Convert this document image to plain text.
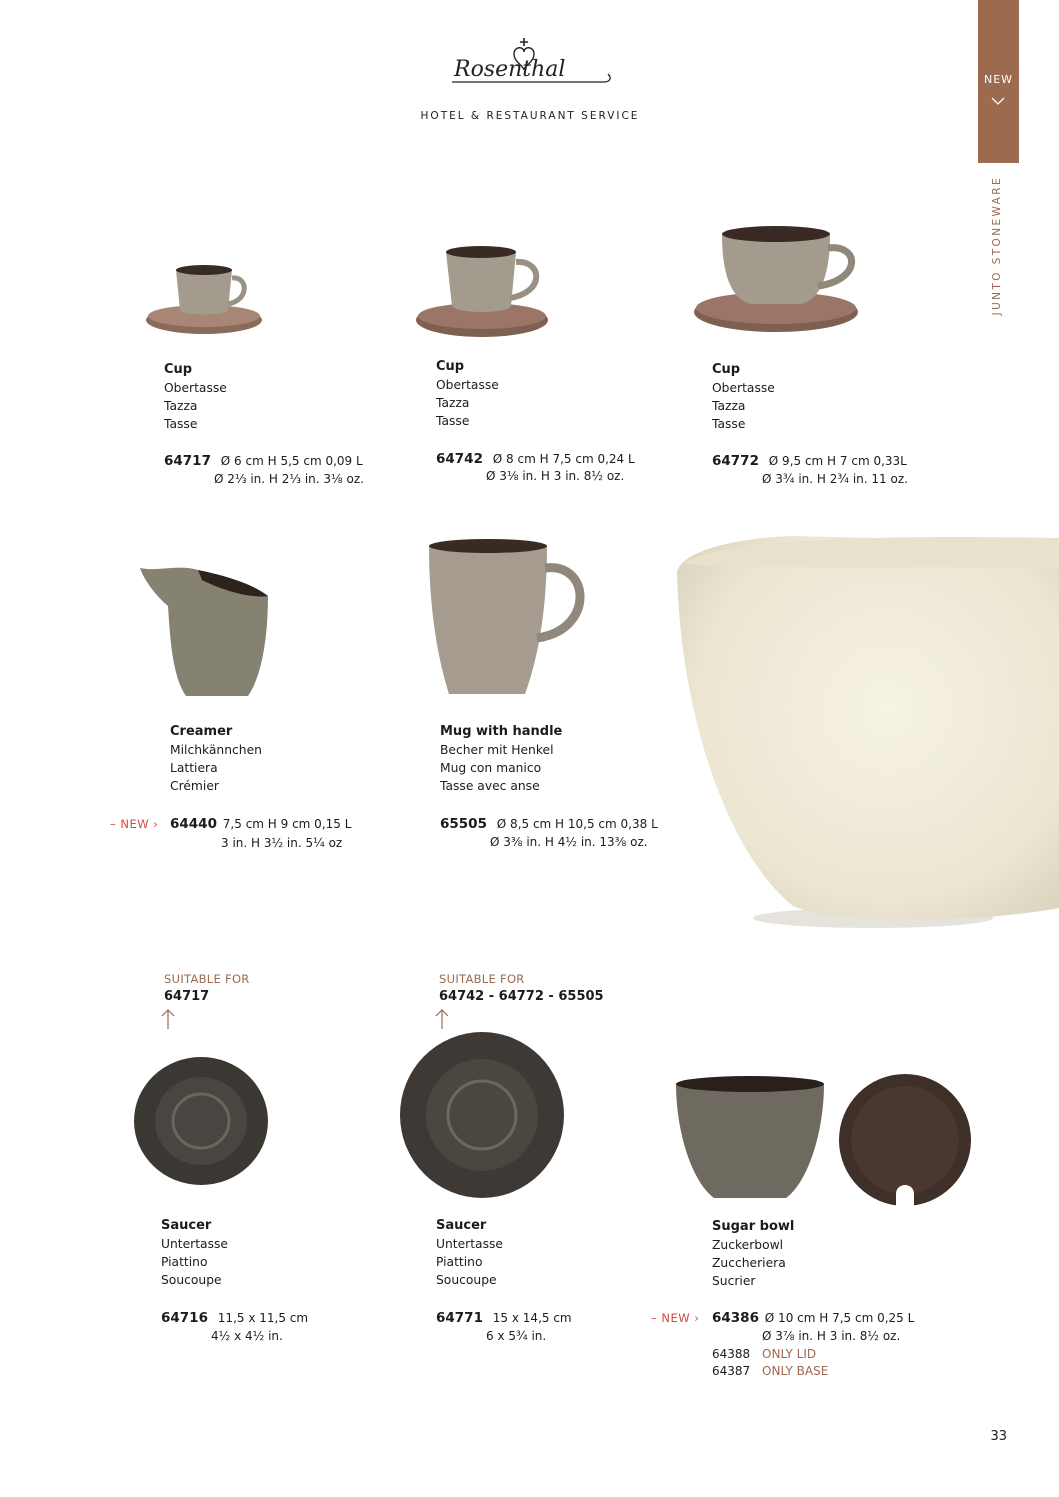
Rosenthal
HOTEL & RESTAURANT SERVICE
NEW
JUNTO STONEWARE
Cup
Obertasse
Tazza
Tasse
64717 Ø 6 cm H 5,5 cm 0,09 L
Ø 2⅓ in. H 2⅓ in. 3⅛ oz.
Cup
Obertasse
Tazza
Tasse
64742 Ø 8 cm H 7,5 cm 0,24 L
Ø 3⅛ in. H 3 in. 8½ oz.
Cup
Obertasse
Tazza
Tasse
64772 Ø 9,5 cm H 7 cm 0,33L
Ø 3¾ in. H 2¾ in. 11 oz.
Creamer
Milchkännchen
Lattiera
Crémier
– NEW › 64440 7,5 cm H 9 cm 0,15 L
3 in. H 3½ in. 5¼ oz
Mug with handle
Becher mit Henkel
Mug con manico
Tasse avec anse
65505 Ø 8,5 cm H 10,5 cm 0,38 L
Ø 3⅜ in. H 4½ in. 13⅜ oz.
SUITABLE FOR
64717
SUITABLE FOR
64742 - 64772 - 65505
Saucer
Untertasse
Piattino
Soucoupe
64716 11,5 x 11,5 cm
4½ x 4½ in.
Saucer
Untertasse
Piattino
Soucoupe
64771 15 x 14,5 cm
6 x 5¾ in.
Sugar bowl
Zuckerbowl
Zuccheriera
Sucrier
– NEW › 64386 Ø 10 cm H 7,5 cm 0,25 L
Ø 3⅞ in. H 3 in. 8½ oz.
64388 ONLY LID
64387 ONLY BASE
33
